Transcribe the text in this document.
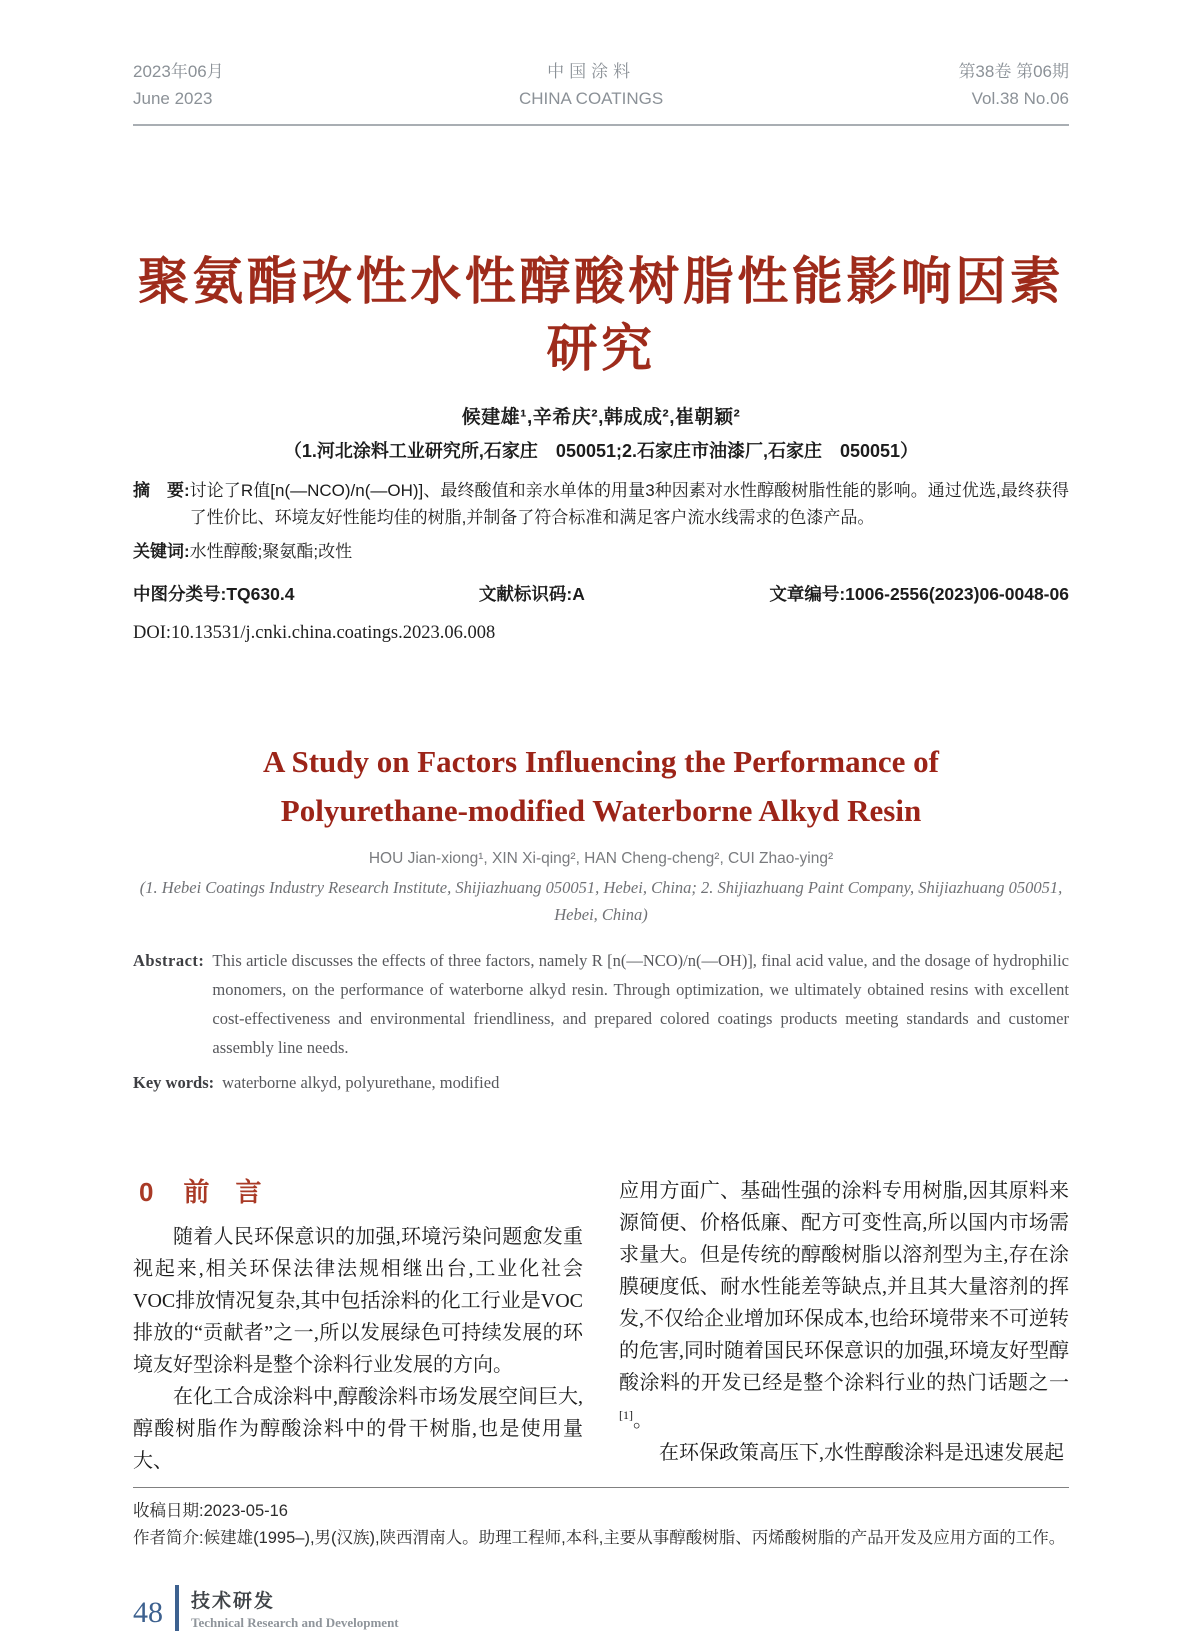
2023年06月
June 2023
中国涂料
CHINA COATINGS
第38卷 第06期
Vol.38 No.06
聚氨酯改性水性醇酸树脂性能影响因素研究
候建雄¹,辛希庆²,韩成成²,崔朝颖²
（1.河北涂料工业研究所,石家庄　050051;2.石家庄市油漆厂,石家庄　050051）
摘　要: 讨论了R值[n(—NCO)/n(—OH)]、最终酸值和亲水单体的用量3种因素对水性醇酸树脂性能的影响。通过优选,最终获得了性价比、环境友好性能均佳的树脂,并制备了符合标准和满足客户流水线需求的色漆产品。
关键词: 水性醇酸;聚氨酯;改性
中图分类号:TQ630.4	文献标识码:A	文章编号:1006-2556(2023)06-0048-06
DOI:10.13531/j.cnki.china.coatings.2023.06.008
A Study on Factors Influencing the Performance of
Polyurethane-modified Waterborne Alkyd Resin
HOU Jian-xiong¹, XIN Xi-qing², HAN Cheng-cheng², CUI Zhao-ying²
(1. Hebei Coatings Industry Research Institute, Shijiazhuang 050051, Hebei, China; 2. Shijiazhuang Paint Company, Shijiazhuang 050051, Hebei, China)
Abstract: This article discusses the effects of three factors, namely R [n(—NCO)/n(—OH)], final acid value, and the dosage of hydrophilic monomers, on the performance of waterborne alkyd resin. Through optimization, we ultimately obtained resins with excellent cost-effectiveness and environmental friendliness, and prepared colored coatings products meeting standards and customer assembly line needs.
Key words: waterborne alkyd, polyurethane, modified
0 前　言

随着人民环保意识的加强,环境污染问题愈发重视起来,相关环保法律法规相继出台,工业化社会VOC排放情况复杂,其中包括涂料的化工行业是VOC排放的“贡献者”之一,所以发展绿色可持续发展的环境友好型涂料是整个涂料行业发展的方向。

在化工合成涂料中,醇酸涂料市场发展空间巨大,醇酸树脂作为醇酸涂料中的骨干树脂,也是使用量大、

应用方面广、基础性强的涂料专用树脂,因其原料来源简便、价格低廉、配方可变性高,所以国内市场需求量大。但是传统的醇酸树脂以溶剂型为主,存在涂膜硬度低、耐水性能差等缺点,并且其大量溶剂的挥发,不仅给企业增加环保成本,也给环境带来不可逆转的危害,同时随着国民环保意识的加强,环境友好型醇酸涂料的开发已经是整个涂料行业的热门话题之一[1]。

在环保政策高压下,水性醇酸涂料是迅速发展起

收稿日期:2023-05-16
作者简介:候建雄(1995–),男(汉族),陕西渭南人。助理工程师,本科,主要从事醇酸树脂、丙烯酸树脂的产品开发及应用方面的工作。
48	技术研发
Technical Research and Development
